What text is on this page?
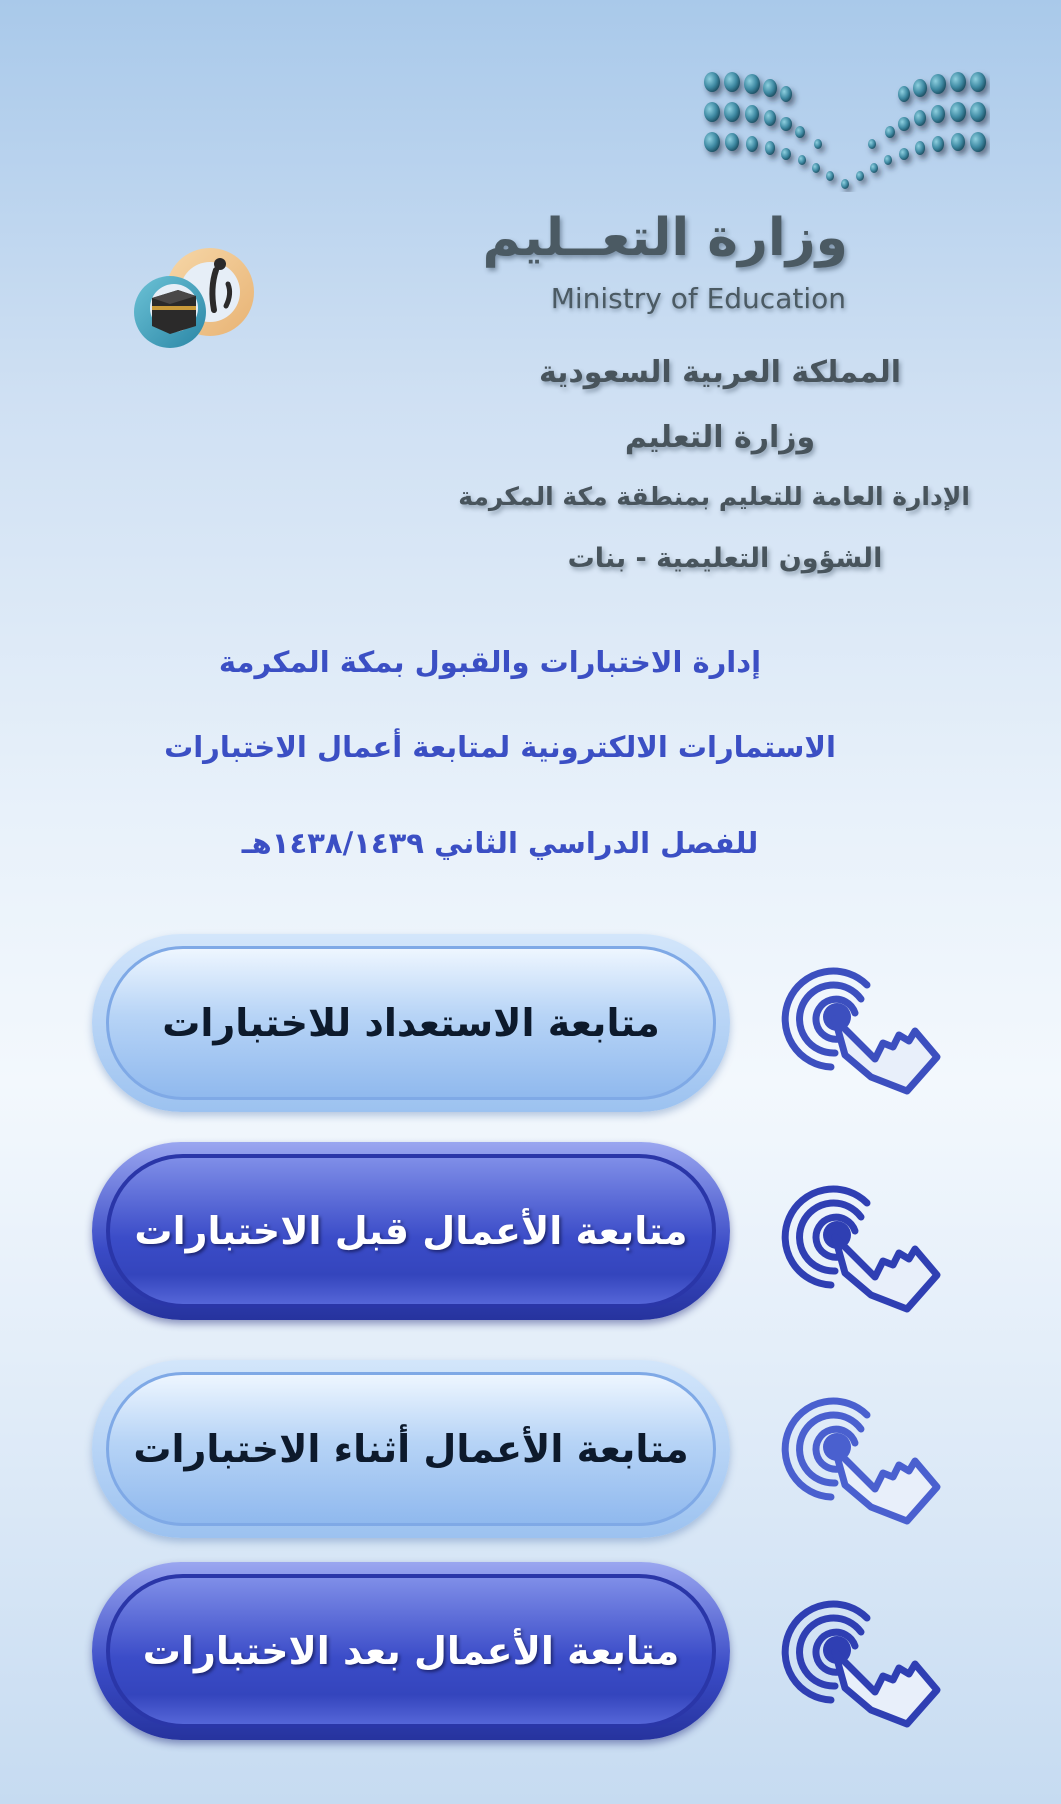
وزارة التعــليم
Ministry of Education
المملكة العربية السعودية
وزارة التعليم
الإدارة العامة للتعليم بمنطقة مكة المكرمة
الشؤون التعليمية - بنات
إدارة الاختبارات والقبول بمكة المكرمة
الاستمارات الالكترونية لمتابعة أعمال الاختبارات
للفصل الدراسي الثاني ١٤٣٨/١٤٣٩هـ
متابعة الاستعداد للاختبارات
متابعة الأعمال قبل الاختبارات
متابعة الأعمال أثناء الاختبارات
متابعة الأعمال بعد الاختبارات
